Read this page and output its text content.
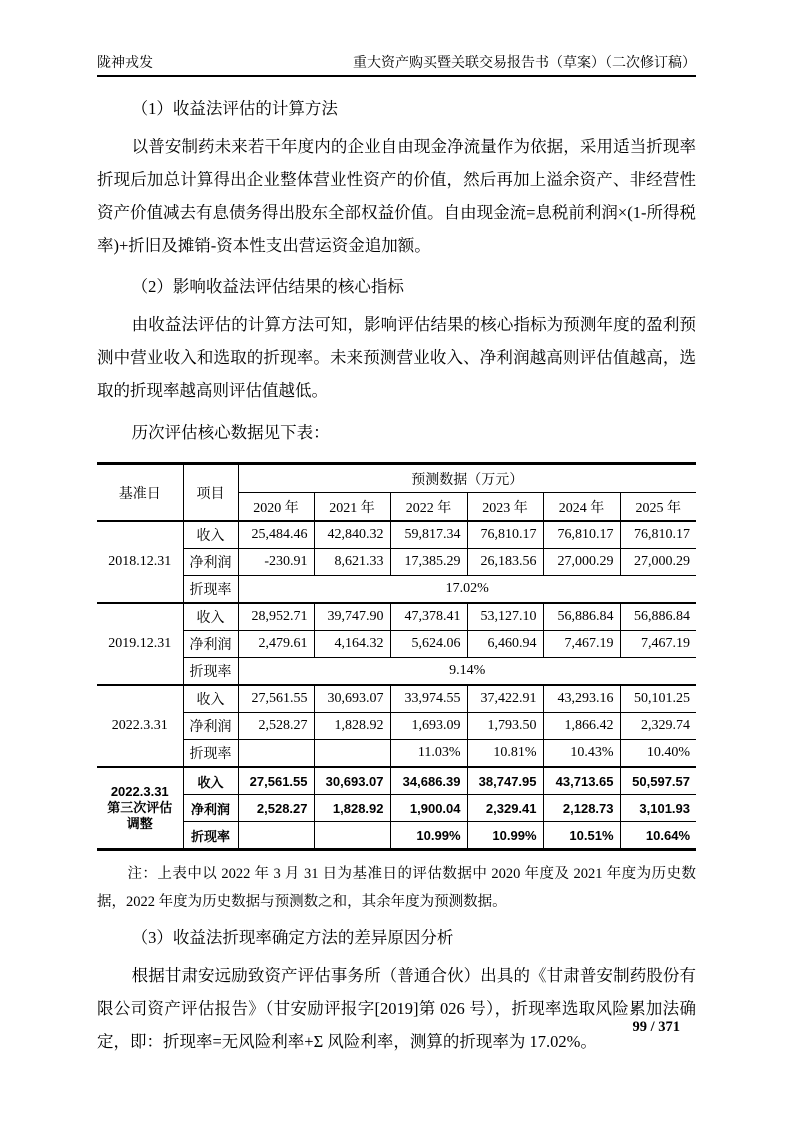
陇神戎发	重大资产购买暨关联交易报告书（草案）（二次修订稿）

（1）收益法评估的计算方法

以普安制药未来若干年度内的企业自由现金净流量作为依据，采用适当折现率折现后加总计算得出企业整体营业性资产的价值，然后再加上溢余资产、非经营性资产价值减去有息债务得出股东全部权益价值。自由现金流=息税前利润×(1-所得税率)+折旧及摊销-资本性支出营运资金追加额。

（2）影响收益法评估结果的核心指标

由收益法评估的计算方法可知，影响评估结果的核心指标为预测年度的盈利预测中营业收入和选取的折现率。未来预测营业收入、净利润越高则评估值越高，选取的折现率越高则评估值越低。

历次评估核心数据见下表：

基准日	项目	预测数据（万元）					
		2020 年	2021 年	2022 年	2023 年	2024 年	2025 年
2018.12.31	收入	25,484.46	42,840.32	59,817.34	76,810.17	76,810.17	76,810.17
	净利润	-230.91	8,621.33	17,385.29	26,183.56	27,000.29	27,000.29
	折现率	17.02%					
2019.12.31	收入	28,952.71	39,747.90	47,378.41	53,127.10	56,886.84	56,886.84
	净利润	2,479.61	4,164.32	5,624.06	6,460.94	7,467.19	7,467.19
	折现率	9.14%					
2022.3.31	收入	27,561.55	30,693.07	33,974.55	37,422.91	43,293.16	50,101.25
	净利润	2,528.27	1,828.92	1,693.09	1,793.50	1,866.42	2,329.74
	折现率			11.03%	10.81%	10.43%	10.40%

2022.3.31
第三次评估
调整	收入	27,561.55	30,693.07	34,686.39	38,747.95	43,713.65	50,597.57
	净利润	2,528.27	1,828.92	1,900.04	2,329.41	2,128.73	3,101.93
	折现率			10.99%	10.99%	10.51%	10.64%

注：上表中以 2022 年 3 月 31 日为基准日的评估数据中 2020 年度及 2021 年度为历史数据，2022 年度为历史数据与预测数之和，其余年度为预测数据。

（3）收益法折现率确定方法的差异原因分析

根据甘肃安远励致资产评估事务所（普通合伙）出具的《甘肃普安制药股份有限公司资产评估报告》（甘安励评报字[2019]第 026 号），折现率选取风险累加法确定，即：折现率=无风险利率+Σ 风险利率，测算的折现率为 17.02%。

99 / 371
